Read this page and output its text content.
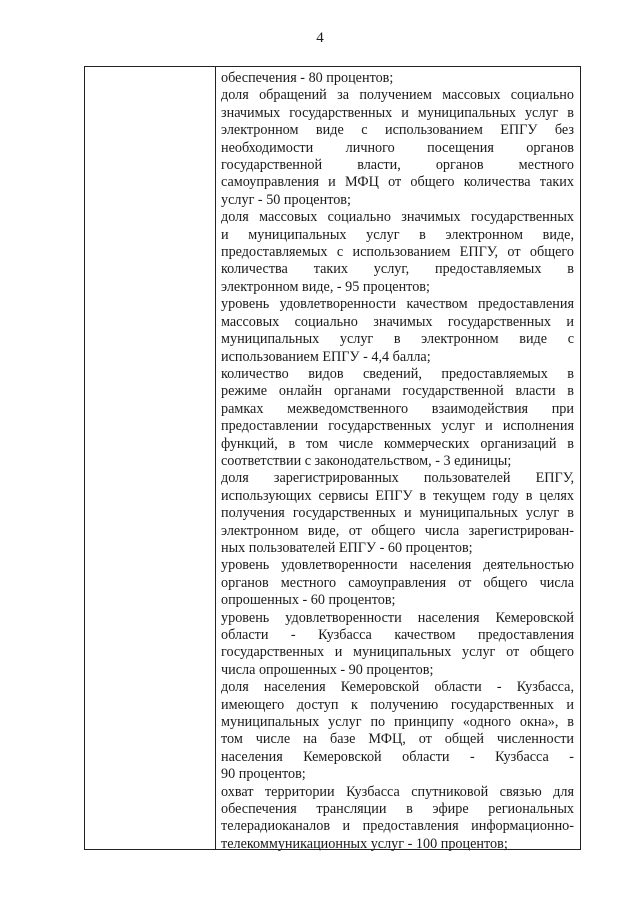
4
обеспечения - 80 процентов;
доля обращений за получением массовых социально
значимых государственных и муниципальных услуг в
электронном виде с использованием ЕПГУ без
необходимости личного посещения органов
государственной власти, органов местного
самоуправления и МФЦ от общего количества таких
услуг - 50 процентов;
доля массовых социально значимых государственных
и муниципальных услуг в электронном виде,
предоставляемых с использованием ЕПГУ, от общего
количества таких услуг, предоставляемых в
электронном виде, - 95 процентов;
уровень удовлетворенности качеством предоставления
массовых социально значимых государственных и
муниципальных услуг в электронном виде с
использованием ЕПГУ - 4,4 балла;
количество видов сведений, предоставляемых в
режиме онлайн органами государственной власти в
рамках межведомственного взаимодействия при
предоставлении государственных услуг и исполнения
функций, в том числе коммерческих организаций в
соответствии с законодательством, - 3 единицы;
доля зарегистрированных пользователей ЕПГУ,
использующих сервисы ЕПГУ в текущем году в целях
получения государственных и муниципальных услуг в
электронном виде, от общего числа зарегистрирован-
ных пользователей ЕПГУ - 60 процентов;
уровень удовлетворенности населения деятельностью
органов местного самоуправления от общего числа
опрошенных - 60 процентов;
уровень удовлетворенности населения Кемеровской
области - Кузбасса качеством предоставления
государственных и муниципальных услуг от общего
числа опрошенных - 90 процентов;
доля населения Кемеровской области - Кузбасса,
имеющего доступ к получению государственных и
муниципальных услуг по принципу «одного окна», в
том числе на базе МФЦ, от общей численности
населения Кемеровской области - Кузбасса -
90 процентов;
охват территории Кузбасса спутниковой связью для
обеспечения трансляции в эфире региональных
телерадиоканалов и предоставления информационно-
телекоммуникационных услуг - 100 процентов;
